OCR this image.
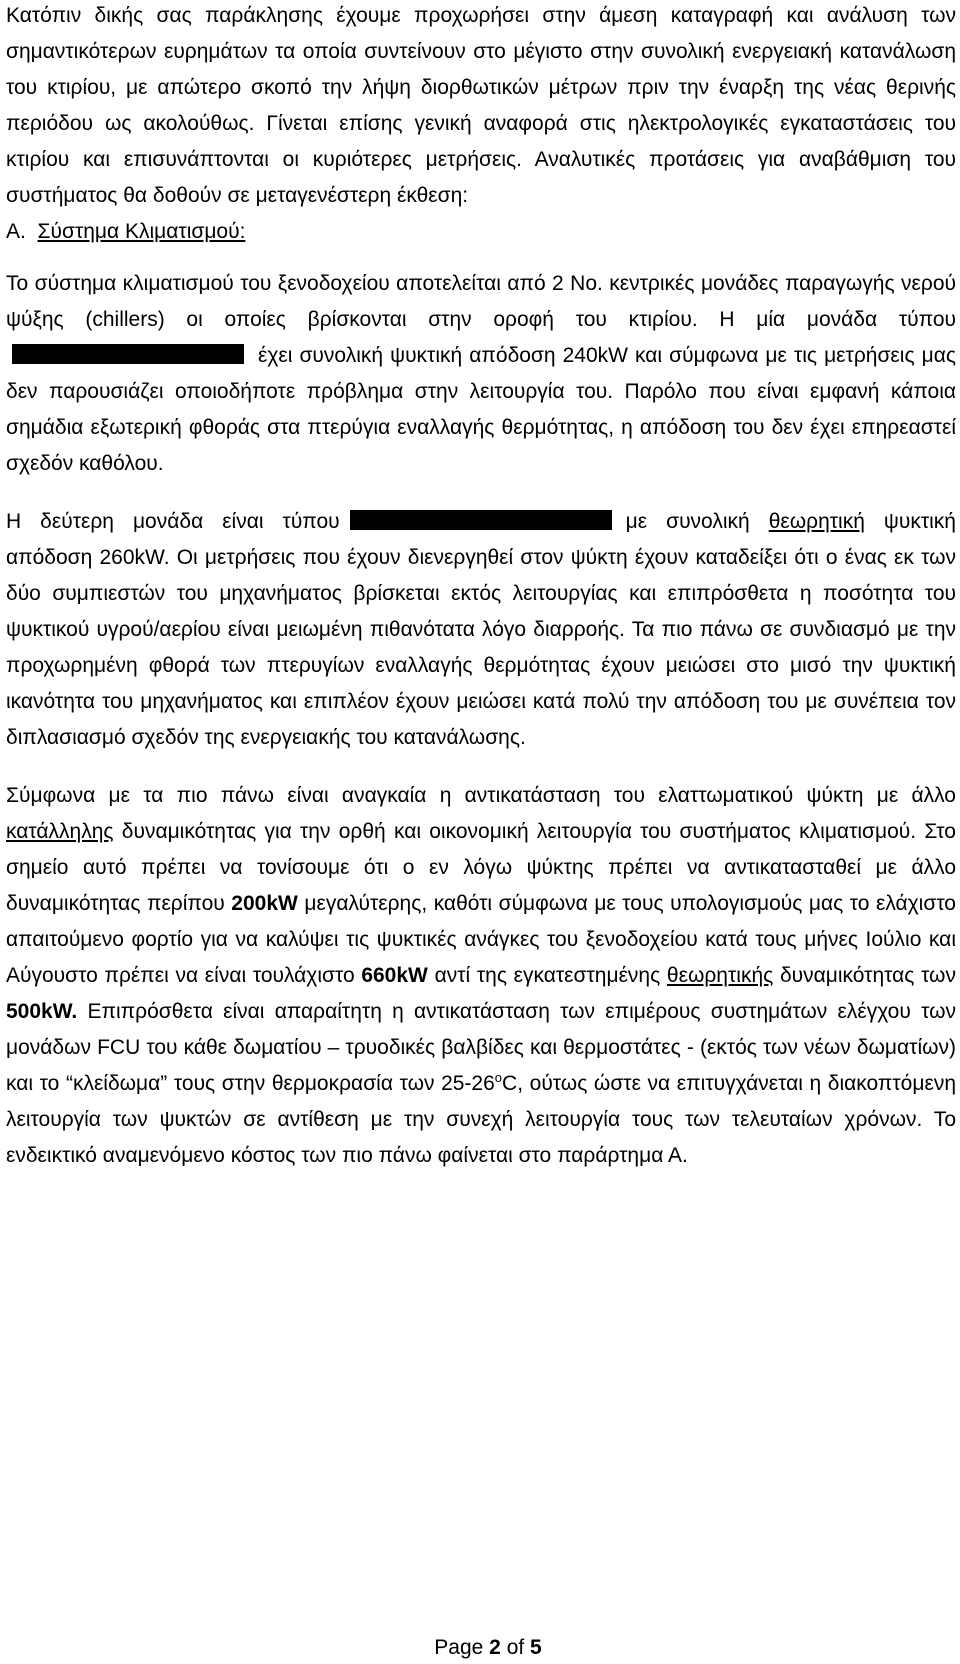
Κατόπιν δικής σας παράκλησης έχουμε προχωρήσει στην άμεση καταγραφή και ανάλυση των σημαντικότερων ευρημάτων τα οποία συντείνουν στο μέγιστο στην συνολική ενεργειακή κατανάλωση του κτιρίου, με απώτερο σκοπό την λήψη διορθωτικών μέτρων πριν την έναρξη της νέας θερινής περιόδου ως ακολούθως. Γίνεται επίσης γενική αναφορά στις ηλεκτρολογικές εγκαταστάσεις του κτιρίου και επισυνάπτονται οι κυριότερες μετρήσεις. Αναλυτικές προτάσεις για αναβάθμιση του συστήματος θα δοθούν σε μεταγενέστερη έκθεση:

Α. Σύστημα Κλιματισμού:

Το σύστημα κλιματισμού του ξενοδοχείου αποτελείται από 2 Νο. κεντρικές μονάδες παραγωγής νερού ψύξης (chillers) οι οποίες βρίσκονται στην οροφή του κτιρίου. Η μία μονάδα τύπουέχει συνολική ψυκτική απόδοση 240kW και σύμφωνα με τις μετρήσεις μας δεν παρουσιάζει οποιοδήποτε πρόβλημα στην λειτουργία του. Παρόλο που είναι εμφανή κάποια σημάδια εξωτερική φθοράς στα πτερύγια εναλλαγής θερμότητας, η απόδοση του δεν έχει επηρεαστεί σχεδόν καθόλου.

Η δεύτερη μονάδα είναι τύπου	με συνολική θεωρητική ψυκτική απόδοση 260kW. Οι μετρήσεις που έχουν διενεργηθεί στον ψύκτη έχουν καταδείξει ότι ο ένας εκ των δύο συμπιεστών του μηχανήματος βρίσκεται εκτός λειτουργίας και επιπρόσθετα η ποσότητα του ψυκτικού υγρού/αερίου είναι μειωμένη πιθανότατα λόγο διαρροής. Τα πιο πάνω σε συνδιασμό με την προχωρημένη φθορά των πτερυγίων εναλλαγής θερμότητας έχουν μειώσει στο μισό την ψυκτική ικανότητα του μηχανήματος και επιπλέον έχουν μειώσει κατά πολύ την απόδοση του με συνέπεια τον διπλασιασμό σχεδόν της ενεργειακής του κατανάλωσης.

Σύμφωνα με τα πιο πάνω είναι αναγκαία η αντικατάσταση του ελαττωματικού ψύκτη με άλλο κατάλληλης δυναμικότητας για την ορθή και οικονομική λειτουργία του συστήματος κλιματισμού. Στο σημείο αυτό πρέπει να τονίσουμε ότι ο εν λόγω ψύκτης πρέπει να αντικατασταθεί με άλλο δυναμικότητας περίπου 200kW μεγαλύτερης, καθότι σύμφωνα με τους υπολογισμούς μας το ελάχιστο απαιτούμενο φορτίο για να καλύψει τις ψυκτικές ανάγκες του ξενοδοχείου κατά τους μήνες Ιούλιο και Αύγουστο πρέπει να είναι τουλάχιστο 660kW αντί της εγκατεστημένης θεωρητικής δυναμικότητας των 500kW. Επιπρόσθετα είναι απαραίτητη η αντικατάσταση των επιμέρους συστημάτων ελέγχου των μονάδων FCU του κάθε δωματίου – τρυοδικές βαλβίδες και θερμοστάτες - (εκτός των νέων δωματίων) και το “κλείδωμα” τους στην θερμοκρασία των $25-26^oC$, ούτως ώστε να επιτυγχάνεται η διακοπτόμενη λειτουργία των ψυκτών σε αντίθεση με την συνεχή λειτουργία τους των τελευταίων χρόνων. Το ενδεικτικό αναμενόμενο κόστος των πιο πάνω φαίνεται στο παράρτημα Α.

Page 2 of 5
